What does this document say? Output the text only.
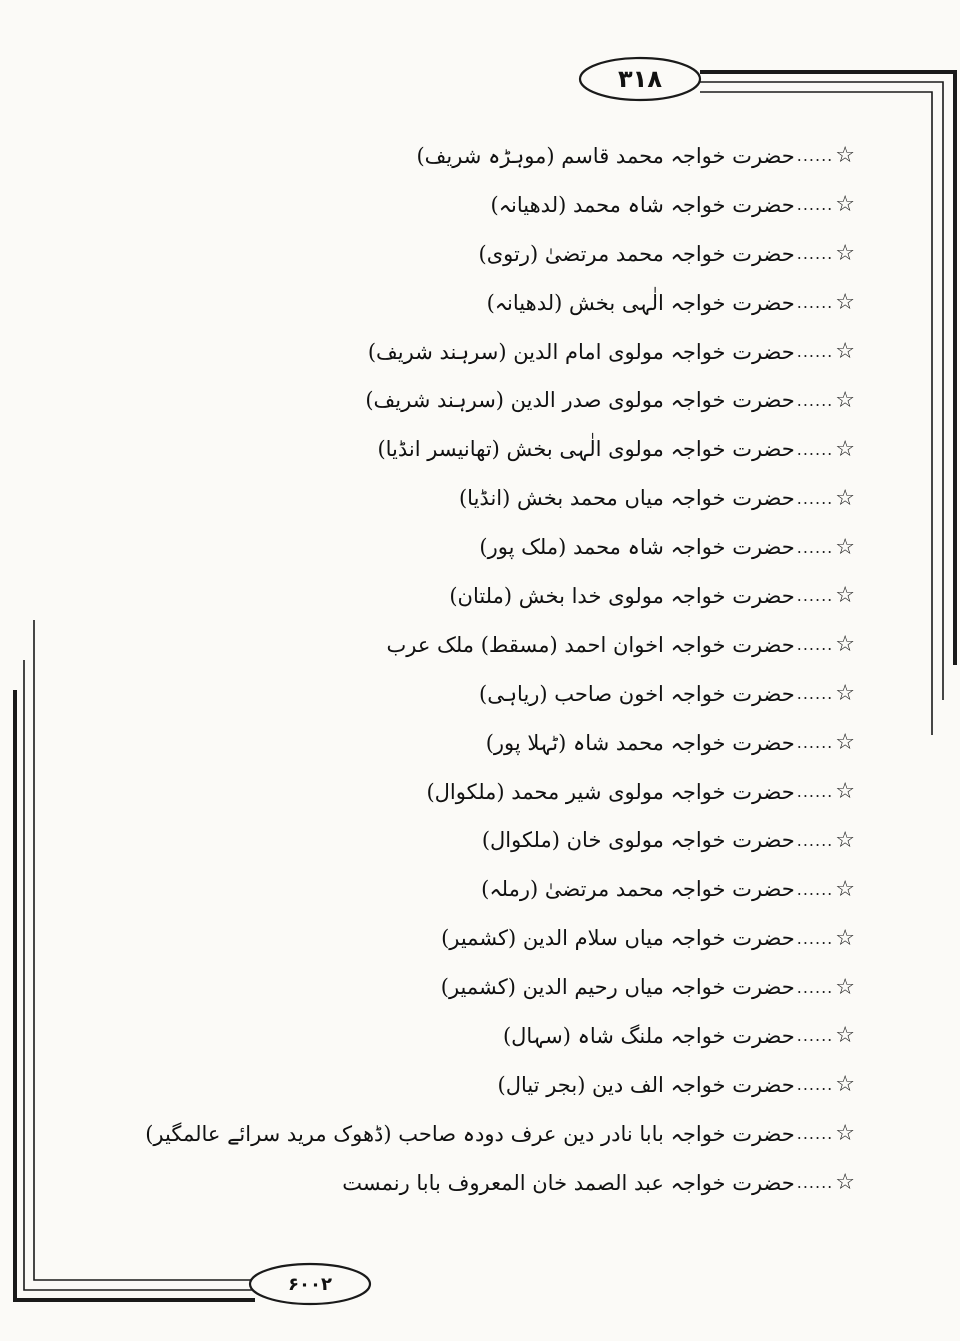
۳۱۸
۶۰۰۲
☆
......
حضرت خواجہ محمد قاسم (موہڑہ شریف)
☆
......
حضرت خواجہ شاہ محمد (لدھیانہ)
☆
......
حضرت خواجہ محمد مرتضیٰ (رتوی)
☆
......
حضرت خواجہ الٰہی بخش (لدھیانہ)
☆
......
حضرت خواجہ مولوی امام الدین (سرہند شریف)
☆
......
حضرت خواجہ مولوی صدر الدین (سرہند شریف)
☆
......
حضرت خواجہ مولوی الٰہی بخش (تھانیسر انڈیا)
☆
......
حضرت خواجہ میاں محمد بخش (انڈیا)
☆
......
حضرت خواجہ شاہ محمد (ملک پور)
☆
......
حضرت خواجہ مولوی خدا بخش (ملتان)
☆
......
حضرت خواجہ اخوان احمد (مسقط) ملک عرب
☆
......
حضرت خواجہ اخون صاحب (ریاہی)
☆
......
حضرت خواجہ محمد شاہ (ٹہلا پور)
☆
......
حضرت خواجہ مولوی شیر محمد (ملکوال)
☆
......
حضرت خواجہ مولوی خان (ملکوال)
☆
......
حضرت خواجہ محمد مرتضیٰ (رملہ)
☆
......
حضرت خواجہ میاں سلام الدین (کشمیر)
☆
......
حضرت خواجہ میاں رحیم الدین (کشمیر)
☆
......
حضرت خواجہ ملنگ شاہ (سہال)
☆
......
حضرت خواجہ الف دین (بجر تیال)
☆
......
حضرت خواجہ بابا نادر دین عرف دودہ صاحب (ڈھوک مرید سرائے عالمگیر)
☆
......
حضرت خواجہ عبد الصمد خان المعروف بابا رنمست
